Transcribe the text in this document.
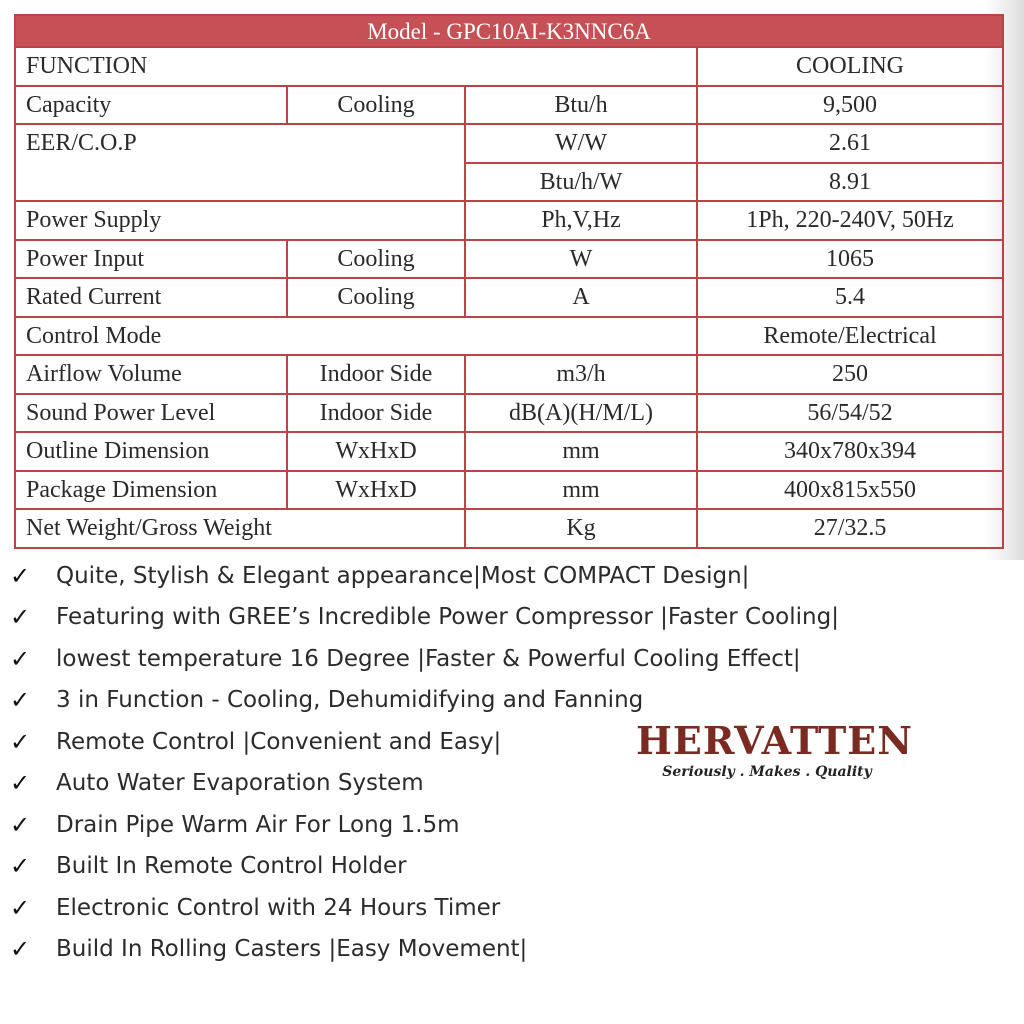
Model - GPC10AI-K3NNC6A			
FUNCTION			COOLING
Capacity	Cooling	Btu/h	9,500
EER/C.O.P		W/W	2.61
		Btu/h/W	8.91
Power Supply		Ph,V,Hz	1Ph, 220-240V, 50Hz
Power Input	Cooling	W	1065
Rated Current	Cooling	A	5.4
Control Mode			Remote/Electrical
Airflow Volume	Indoor Side	m3/h	250
Sound Power Level	Indoor Side	dB(A)(H/M/L)	56/54/52
Outline Dimension	WxHxD	mm	340x780x394
Package Dimension	WxHxD	mm	400x815x550
Net Weight/Gross Weight		Kg	27/32.5
✓	Quite, Stylish & Elegant appearance|Most COMPACT Design|
✓	Featuring with GREE’s Incredible Power Compressor |Faster Cooling|
✓	lowest temperature 16 Degree |Faster & Powerful Cooling Effect|
✓	3 in Function - Cooling, Dehumidifying and Fanning
✓	Remote Control |Convenient and Easy|
✓	Auto Water Evaporation System
✓	Drain Pipe Warm Air For Long 1.5m
✓	Built In Remote Control Holder
✓	Electronic Control with 24 Hours Timer
✓	Build In Rolling Casters |Easy Movement|
HERVATTEN
Seriously . Makes . Quality
